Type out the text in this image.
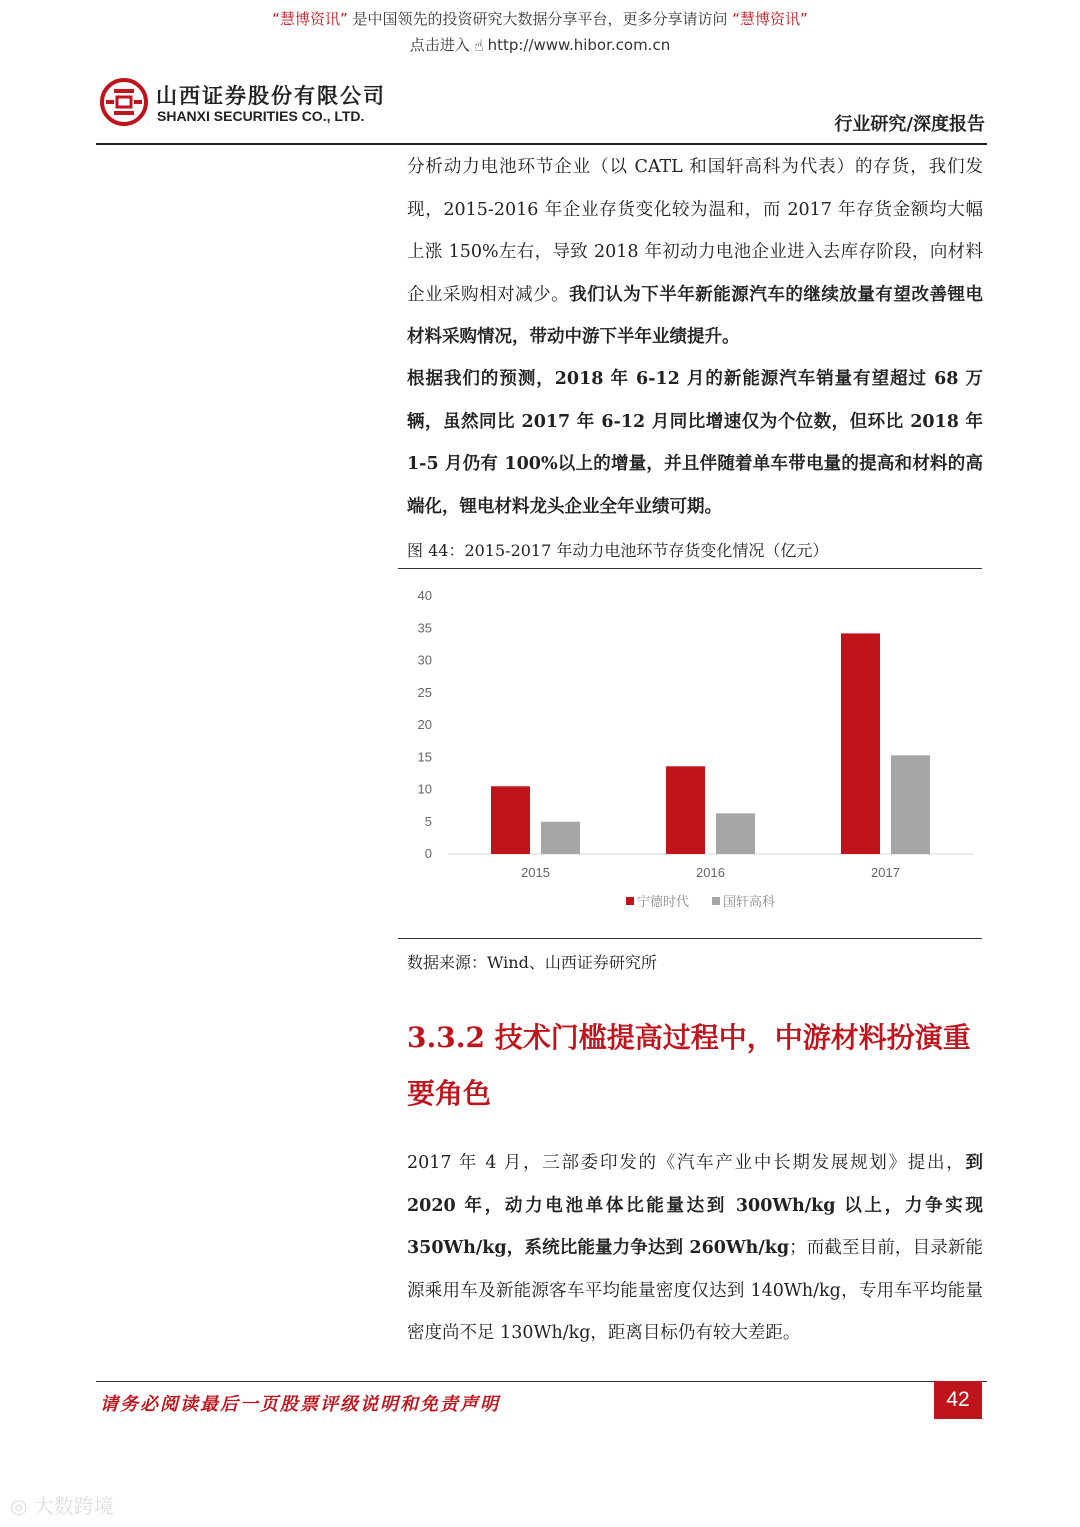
“慧博资讯” 是中国领先的投资研究大数据分享平台，更多分享请访问 “慧博资讯”
点击进入 ☝ http://www.hibor.com.cn
山西证券股份有限公司
SHANXI SECURITIES CO., LTD.	行业研究/深度报告

分析动力电池环节企业（以 CATL 和国轩高科为代表）的存货，我们发现，2015-2016 年企业存货变化较为温和，而 2017 年存货金额均大幅上涨 150%左右，导致 2018 年初动力电池企业进入去库存阶段，向材料企业采购相对减少。我们认为下半年新能源汽车的继续放量有望改善锂电材料采购情况，带动中游下半年业绩提升。

根据我们的预测，2018 年 6-12 月的新能源汽车销量有望超过 68 万辆，虽然同比 2017 年 6-12 月同比增速仅为个位数，但环比 2018 年 1-5 月仍有 100%以上的增量，并且伴随着单车带电量的提高和材料的高端化，锂电材料龙头企业全年业绩可期。

图 44：2015-2017 年动力电池环节存货变化情况（亿元）
0
5
10
15
20
25
30
35
40
2015	2016	2017
宁德时代	国轩高科
数据来源：Wind、山西证券研究所
3.3.2 技术门槛提高过程中，中游材料扮演重要角色

2017 年 4 月，三部委印发的《汽车产业中长期发展规划》提出，到 2020 年，动力电池单体比能量达到 300Wh/kg 以上，力争实现 350Wh/kg，系统比能量力争达到 260Wh/kg；而截至目前，目录新能源乘用车及新能源客车平均能量密度仅达到 140Wh/kg，专用车平均能量密度尚不足 130Wh/kg，距离目标仍有较大差距。

请务必阅读最后一页股票评级说明和免责声明	42
◎ 大数跨境
